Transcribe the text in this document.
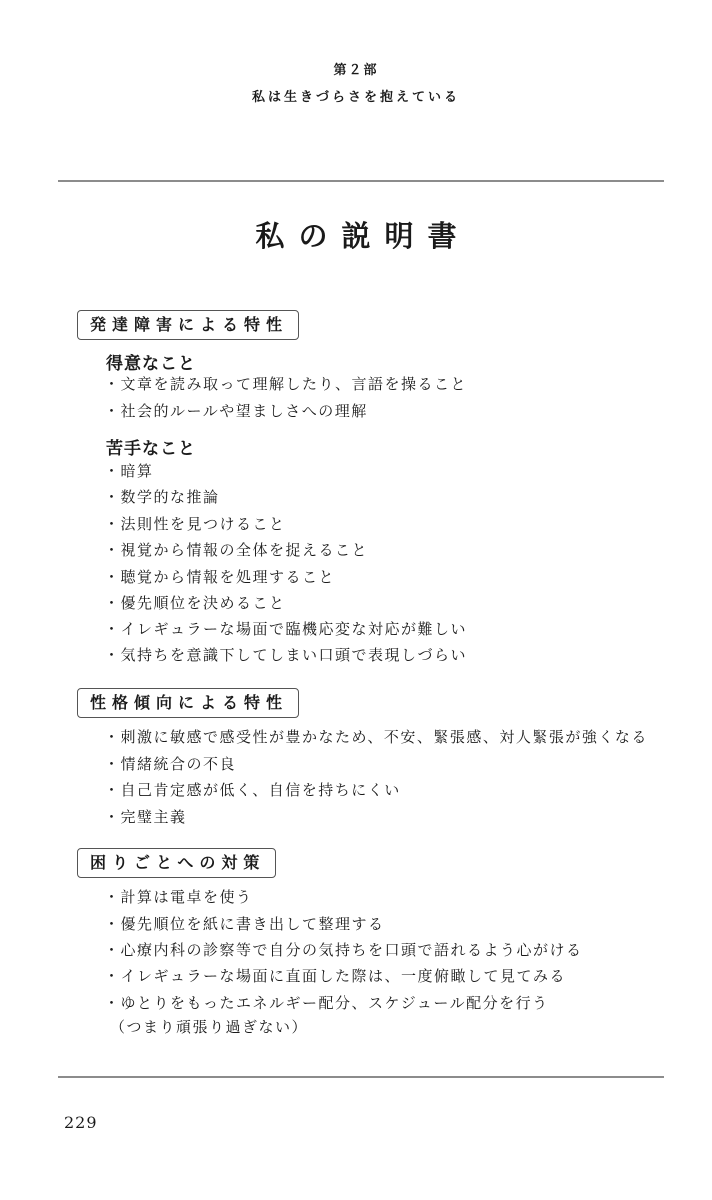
第２部
私は生きづらさを抱えている
私の説明書
発達障害による特性
得意なこと
・文章を読み取って理解したり、言語を操ること
・社会的ルールや望ましさへの理解
苦手なこと
・暗算
・数学的な推論
・法則性を見つけること
・視覚から情報の全体を捉えること
・聴覚から情報を処理すること
・優先順位を決めること
・イレギュラーな場面で臨機応変な対応が難しい
・気持ちを意識下してしまい口頭で表現しづらい
性格傾向による特性
・刺激に敏感で感受性が豊かなため、不安、緊張感、対人緊張が強くなる
・情緒統合の不良
・自己肯定感が低く、自信を持ちにくい
・完璧主義
困りごとへの対策
・計算は電卓を使う
・優先順位を紙に書き出して整理する
・心療内科の診察等で自分の気持ちを口頭で語れるよう心がける
・イレギュラーな場面に直面した際は、一度俯瞰して見てみる
・ゆとりをもったエネルギー配分、スケジュール配分を行う
（つまり頑張り過ぎない）
229
